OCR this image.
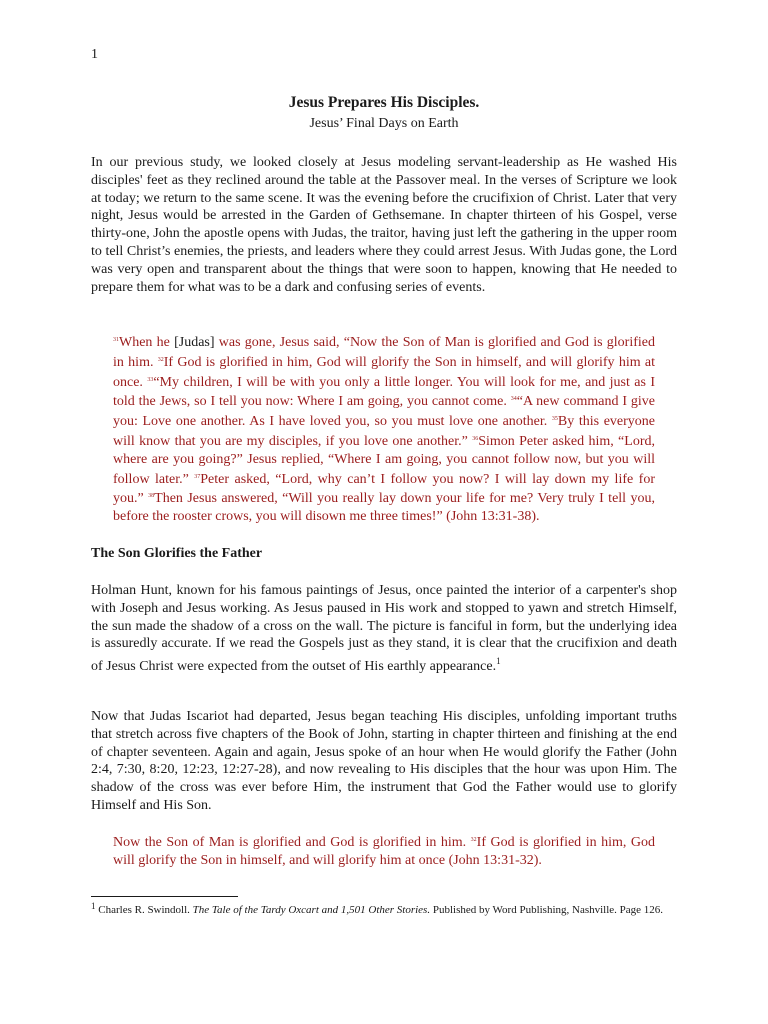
1
Jesus Prepares His Disciples.
Jesus’ Final Days on Earth

In our previous study, we looked closely at Jesus modeling servant-leadership as He washed His disciples' feet as they reclined around the table at the Passover meal. In the verses of Scripture we look at today; we return to the same scene. It was the evening before the crucifixion of Christ. Later that very night, Jesus would be arrested in the Garden of Gethsemane. In chapter thirteen of his Gospel, verse thirty-one, John the apostle opens with Judas, the traitor, having just left the gathering in the upper room to tell Christ’s enemies, the priests, and leaders where they could arrest Jesus. With Judas gone, the Lord was very open and transparent about the things that were soon to happen, knowing that He needed to prepare them for what was to be a dark and confusing series of events.

$^{31}$When he [Judas] was gone, Jesus said, “Now the Son of Man is glorified and God is glorified in him. $^{32}$If God is glorified in him, God will glorify the Son in himself, and will glorify him at once. $^{33}$“My children, I will be with you only a little longer. You will look for me, and just as I told the Jews, so I tell you now: Where I am going, you cannot come. $^{34}$“A new command I give you: Love one another. As I have loved you, so you must love one another. $^{35}$By this everyone will know that you are my disciples, if you love one another.” $^{36}$Simon Peter asked him, “Lord, where are you going?” Jesus replied, “Where I am going, you cannot follow now, but you will follow later.” $^{37}$Peter asked, “Lord, why can’t I follow you now? I will lay down my life for you.” $^{38}$Then Jesus answered, “Will you really lay down your life for me? Very truly I tell you, before the rooster crows, you will disown me three times!” (John 13:31-38).

The Son Glorifies the Father

Holman Hunt, known for his famous paintings of Jesus, once painted the interior of a carpenter's shop with Joseph and Jesus working. As Jesus paused in His work and stopped to yawn and stretch Himself, the sun made the shadow of a cross on the wall. The picture is fanciful in form, but the underlying idea is assuredly accurate. If we read the Gospels just as they stand, it is clear that the crucifixion and death of Jesus Christ were expected from the outset of His earthly appearance.$^1$

Now that Judas Iscariot had departed, Jesus began teaching His disciples, unfolding important truths that stretch across five chapters of the Book of John, starting in chapter thirteen and finishing at the end of chapter seventeen. Again and again, Jesus spoke of an hour when He would glorify the Father (John 2:4, 7:30, 8:20, 12:23, 12:27-28), and now revealing to His disciples that the hour was upon Him. The shadow of the cross was ever before Him, the instrument that God the Father would use to glorify Himself and His Son.

Now the Son of Man is glorified and God is glorified in him. $^{32}$If God is glorified in him, God will glorify the Son in himself, and will glorify him at once (John 13:31-32).

$^1$ Charles R. Swindoll. The Tale of the Tardy Oxcart and 1,501 Other Stories. Published by Word Publishing, Nashville. Page 126.
